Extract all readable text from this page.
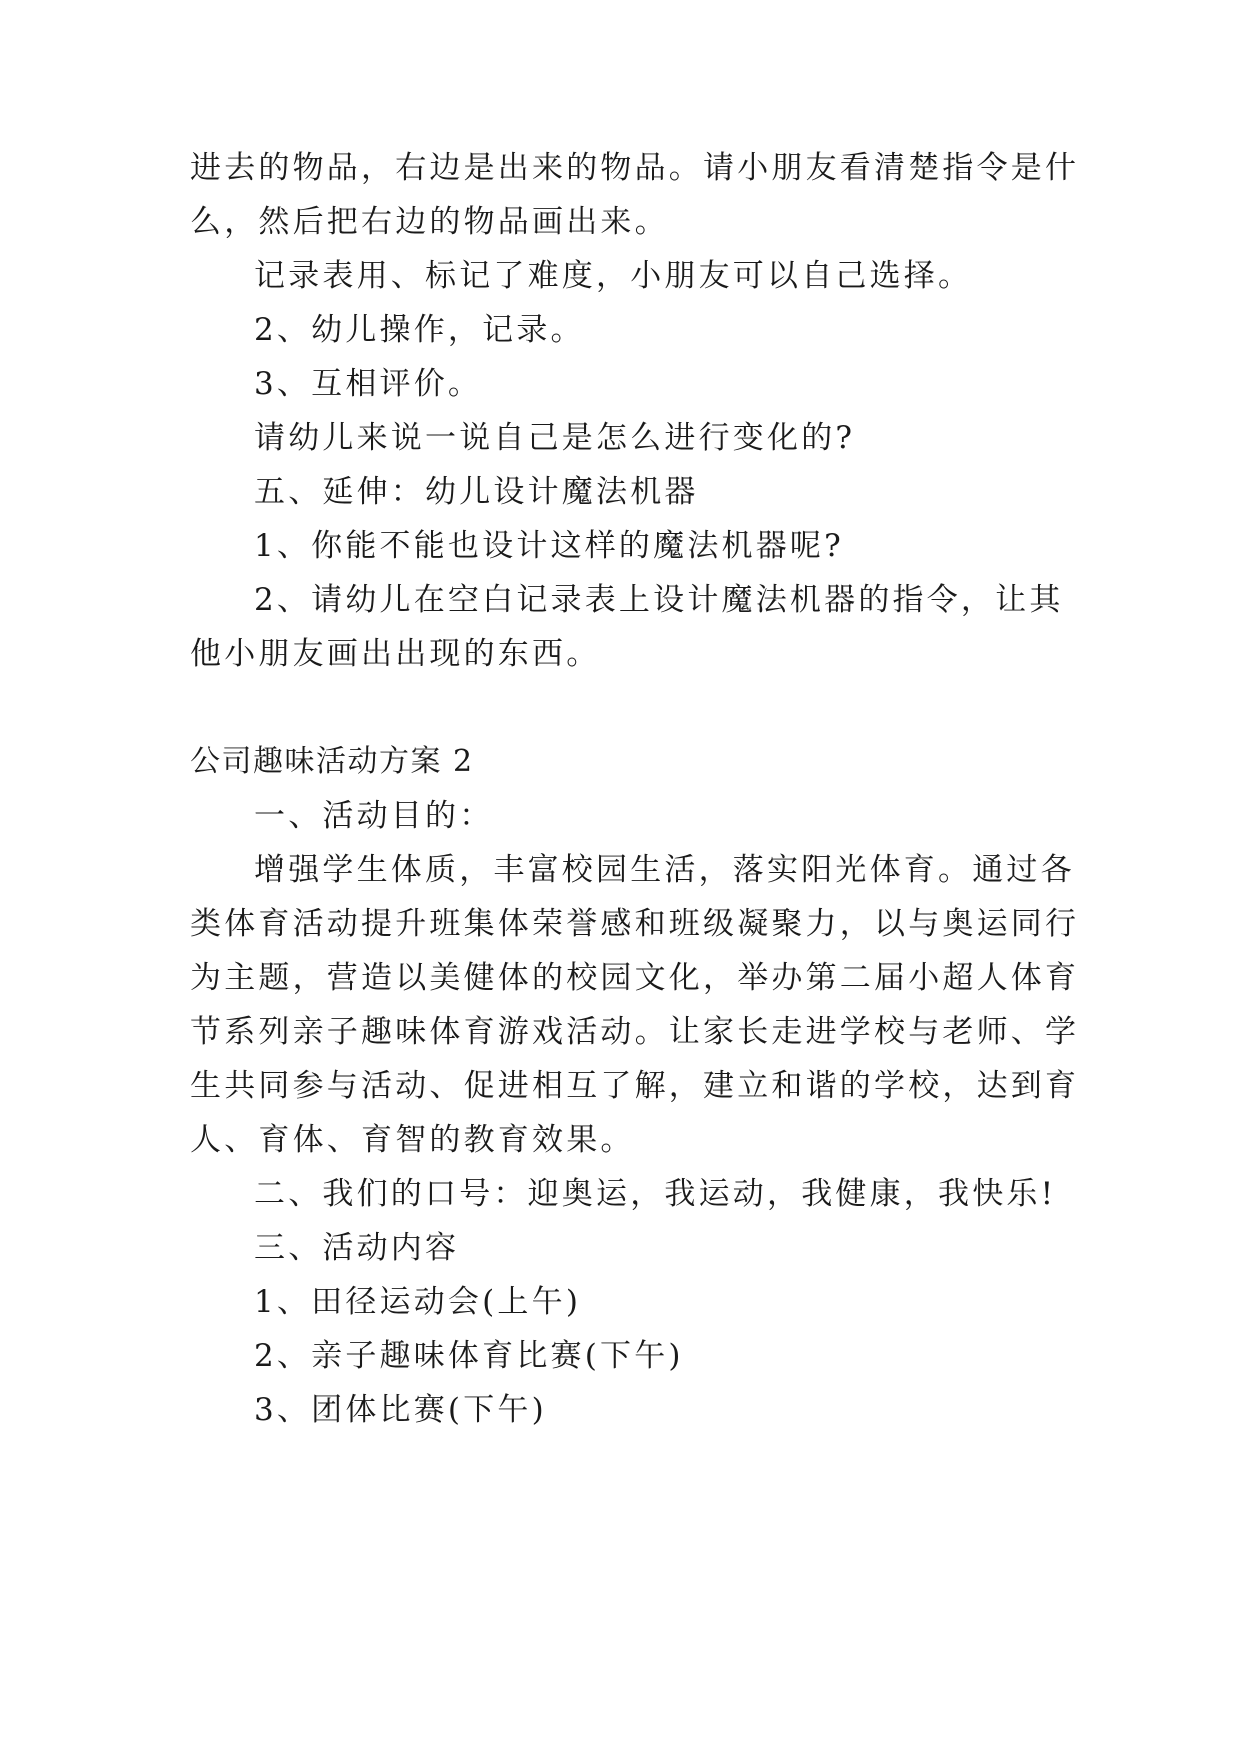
进去的物品，右边是出来的物品。请小朋友看清楚指令是什
么，然后把右边的物品画出来。
记录表用、标记了难度，小朋友可以自己选择。
2、幼儿操作，记录。
3、互相评价。
请幼儿来说一说自己是怎么进行变化的?
五、延伸：幼儿设计魔法机器
1、你能不能也设计这样的魔法机器呢?
2、请幼儿在空白记录表上设计魔法机器的指令，让其
他小朋友画出出现的东西。
公司趣味活动方案 2
一、活动目的：
增强学生体质，丰富校园生活，落实阳光体育。通过各
类体育活动提升班集体荣誉感和班级凝聚力，以与奥运同行
为主题，营造以美健体的校园文化，举办第二届小超人体育
节系列亲子趣味体育游戏活动。让家长走进学校与老师、学
生共同参与活动、促进相互了解，建立和谐的学校，达到育
人、育体、育智的教育效果。
二、我们的口号：迎奥运，我运动，我健康，我快乐!
三、活动内容
1、田径运动会(上午)
2、亲子趣味体育比赛(下午)
3、团体比赛(下午)
